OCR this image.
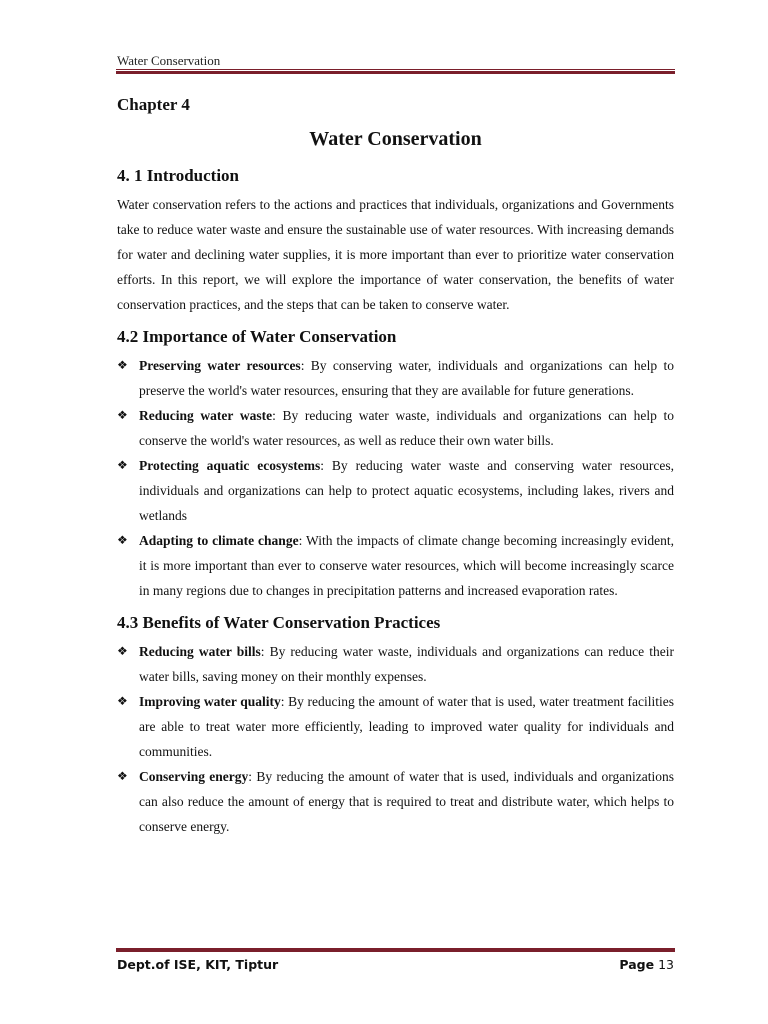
Water Conservation
Chapter 4
Water Conservation
4. 1 Introduction

Water conservation refers to the actions and practices that individuals, organizations and Governments take to reduce water waste and ensure the sustainable use of water resources. With increasing demands for water and declining water supplies, it is more important than ever to prioritize water conservation efforts. In this report, we will explore the importance of water conservation, the benefits of water conservation practices, and the steps that can be taken to conserve water.

4.2 Importance of Water Conservation
❖ Preserving water resources: By conserving water, individuals and organizations can help to preserve the world's water resources, ensuring that they are available for future generations.
❖ Reducing water waste: By reducing water waste, individuals and organizations can help to conserve the world's water resources, as well as reduce their own water bills.
❖ Protecting aquatic ecosystems: By reducing water waste and conserving water resources, individuals and organizations can help to protect aquatic ecosystems, including lakes, rivers and wetlands
❖ Adapting to climate change: With the impacts of climate change becoming increasingly evident, it is more important than ever to conserve water resources, which will become increasingly scarce in many regions due to changes in precipitation patterns and increased evaporation rates.
4.3 Benefits of Water Conservation Practices
❖ Reducing water bills: By reducing water waste, individuals and organizations can reduce their water bills, saving money on their monthly expenses.
❖ Improving water quality: By reducing the amount of water that is used, water treatment facilities are able to treat water more efficiently, leading to improved water quality for individuals and communities.
❖ Conserving energy: By reducing the amount of water that is used, individuals and organizations can also reduce the amount of energy that is required to treat and distribute water, which helps to conserve energy.
Dept.of ISE, KIT, Tiptur	Page 13
